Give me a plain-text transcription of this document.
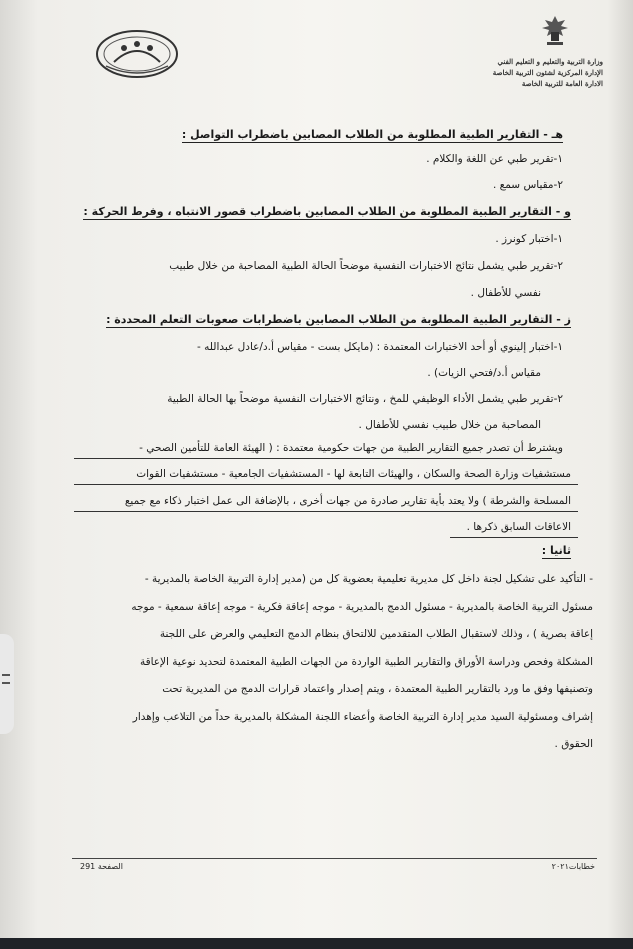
وزارة التربية والتعليم و التعليم الفني
الإدارة المركزية لشئون التربية الخاصة
الادارة العامة للتربية الخاصة
هـ - التقارير الطبية المطلوبة من الطلاب المصابين باضطراب التواصل :
١-تقرير طبي عن اللغة والكلام .
٢-مقياس سمع .
و - التقارير الطبية المطلوبة من الطلاب المصابين باضطراب قصور الانتباه ، وفرط الحركة :
١-اختبار كونرز .
٢-تقرير طبي يشمل نتائج الاختبارات النفسية موضحاً الحالة الطبية المصاحبة من خلال طبيب
نفسي للأطفال .
ز - التقارير الطبية المطلوبة من الطلاب المصابين باضطرابات صعوبات التعلم المحددة :
١-اختبار إلينوي أو أحد الاختبارات المعتمدة : (مايكل بست - مقياس أ.د/عادل عبدالله -
مقياس أ.د/فتحي الزيات) .
٢-تقرير طبي يشمل الأداء الوظيفي للمخ ، ونتائج الاختبارات النفسية موضحاً بها الحالة الطبية
المصاحبة من خلال طبيب نفسي للأطفال .
ويشترط أن تصدر جميع التقارير الطبية من جهات حكومية معتمدة : ( الهيئة العامة للتأمين الصحي -
مستشفيات وزارة الصحة والسكان ، والهيئات التابعة لها - المستشفيات الجامعية - مستشفيات القوات
المسلحة والشرطة ) ولا يعتد بأية تقارير صادرة من جهات أخرى ، بالإضافة الى عمل اختبار ذكاء مع جميع
الاعاقات السابق ذكرها .
ثانيا :
- التأكيد على تشكيل لجنة داخل كل مديرية تعليمية بعضوية كل من (مدير إدارة التربية الخاصة بالمديرية -
مسئول التربية الخاصة بالمديرية - مسئول الدمج بالمديرية - موجه إعاقة فكرية - موجه إعاقة سمعية - موجه
إعاقة بصرية ) ، وذلك لاستقبال الطلاب المتقدمين للالتحاق بنظام الدمج التعليمي والعرض على اللجنة
المشكلة وفحص ودراسة الأوراق والتقارير الطبية الواردة من الجهات الطبية المعتمدة لتحديد نوعية الإعاقة
وتصنيفها وفق ما ورد بالتقارير الطبية المعتمدة ، ويتم إصدار واعتماد قرارات الدمج من المديرية تحت
إشراف ومسئولية السيد مدير إدارة التربية الخاصة وأعضاء اللجنة المشكلة بالمديرية حداً من التلاعب وإهدار
الحقوق .
الصفحة 291	خطابات٢٠٢١
